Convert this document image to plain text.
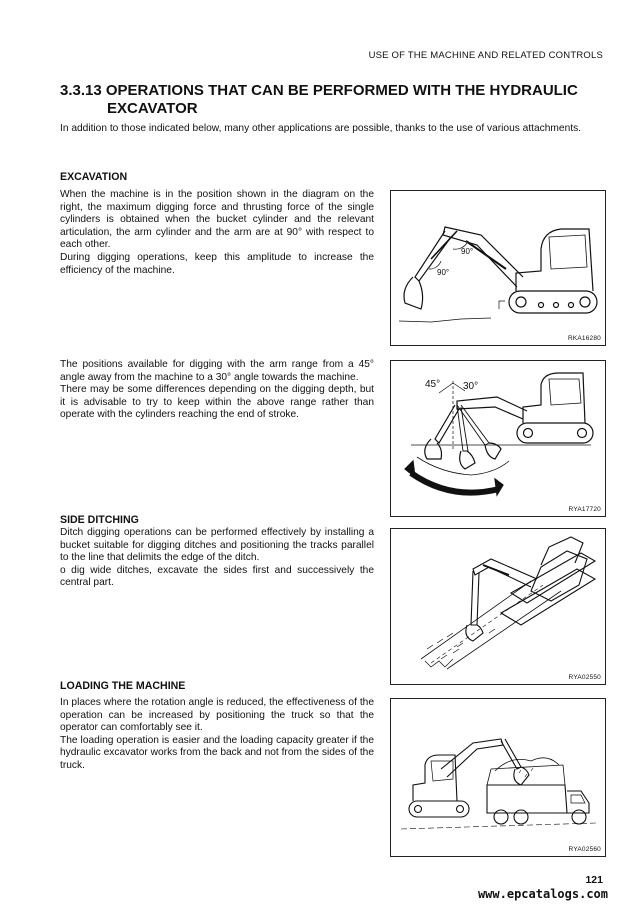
USE OF THE MACHINE AND RELATED CONTROLS
3.3.13 OPERATIONS THAT CAN BE PERFORMED WITH THE HYDRAULIC
EXCAVATOR
In addition to those indicated below, many other applications are possible, thanks to the use of various attachments.
EXCAVATION

When the machine is in the position shown in the diagram on the right, the maximum digging force and thrusting force of the single cylinders is obtained when the bucket cylinder and the relevant articulation, the arm cylinder and the arm are at 90° with respect to each other.

During digging operations, keep this amplitude to increase the efficiency of the machine.

90°
90°
RKA16280

The positions available for digging with the arm range from a 45° angle away from the machine to a 30° angle towards the machine.

There may be some differences depending on the digging depth, but it is advisable to try to keep within the above range rather than operate with the cylinders reaching the end of stroke.

45° 30°
RYA17720
SIDE DITCHING

Ditch digging operations can be performed effectively by installing a bucket suitable for digging ditches and positioning the tracks parallel to the line that delimits the edge of the ditch.

o dig wide ditches, excavate the sides first and successively the central part.

RYA02550
LOADING THE MACHINE

In places where the rotation angle is reduced, the effectiveness of the operation can be increased by positioning the truck so that the operator can comfortably see it.

The loading operation is easier and the loading capacity greater if the hydraulic excavator works from the back and not from the sides of the truck.

RYA02560
121
www.epcatalogs.com
